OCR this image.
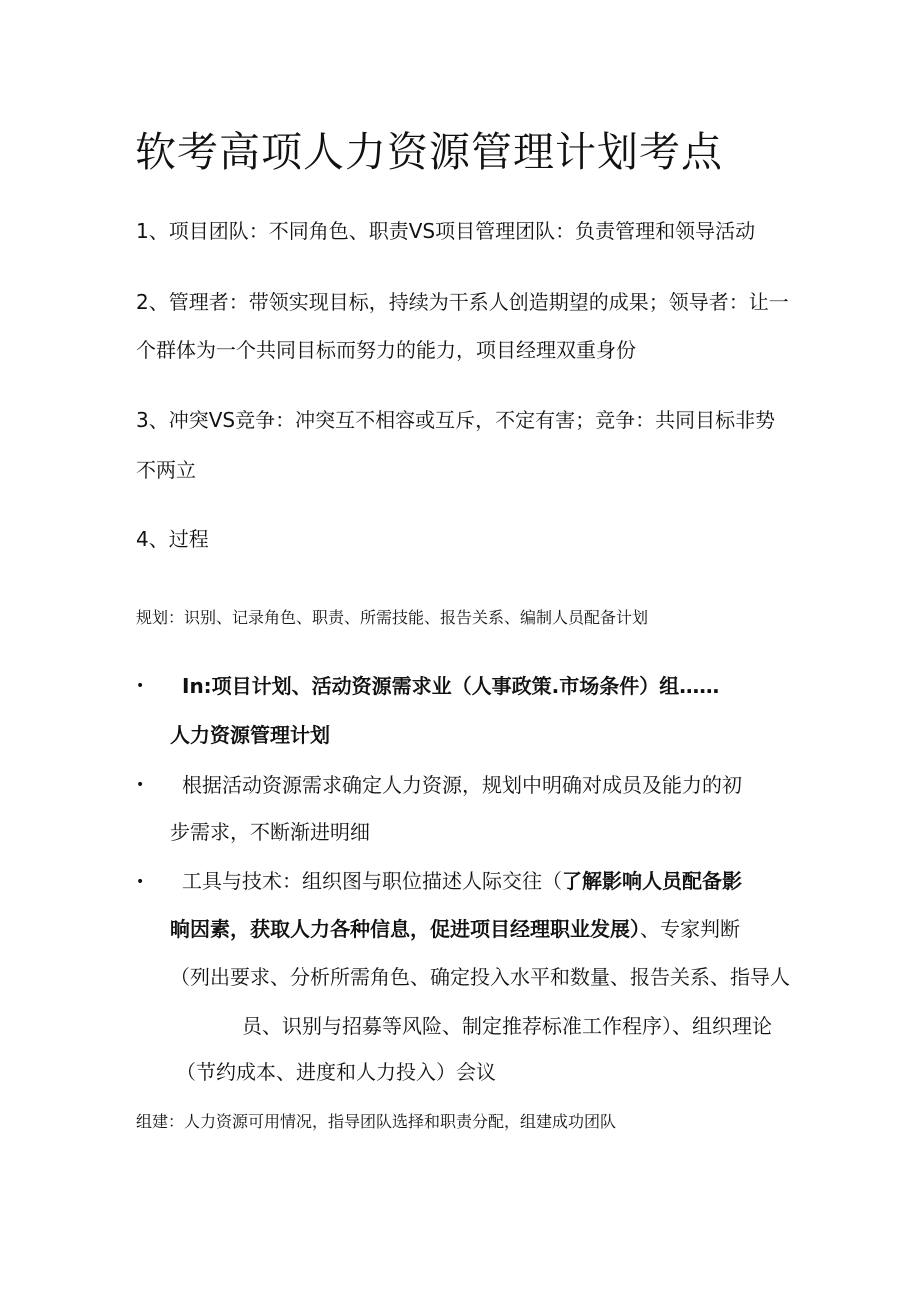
软考高项人力资源管理计划考点
1、项目团队：不同角色、职责VS项目管理团队：负责管理和领导活动
2、管理者：带领实现目标，持续为干系人创造期望的成果；领导者：让一
个群体为一个共同目标而努力的能力，项目经理双重身份
3、冲突VS竞争：冲突互不相容或互斥，不定有害；竞争：共同目标非势
不两立
4、过程
规划：识别、记录角色、职责、所需技能、报告关系、编制人员配备计划
• In:项目计划、活动资源需求业（人事政策.市场条件）组……
人力资源管理计划
• 根据活动资源需求确定人力资源，规划中明确对成员及能力的初
步需求，不断渐进明细
• 工具与技术：组织图与职位描述人际交往（了解影响人员配备影
晌因素，获取人力各种信息，促进项目经理职业发展）、专家判断
（列出要求、分析所需角色、确定投入水平和数量、报告关系、指导人
员、识别与招募等风险、制定推荐标准工作程序）、组织理论
（节约成本、进度和人力投入）会议
组建：人力资源可用情况，指导团队选择和职责分配，组建成功团队
